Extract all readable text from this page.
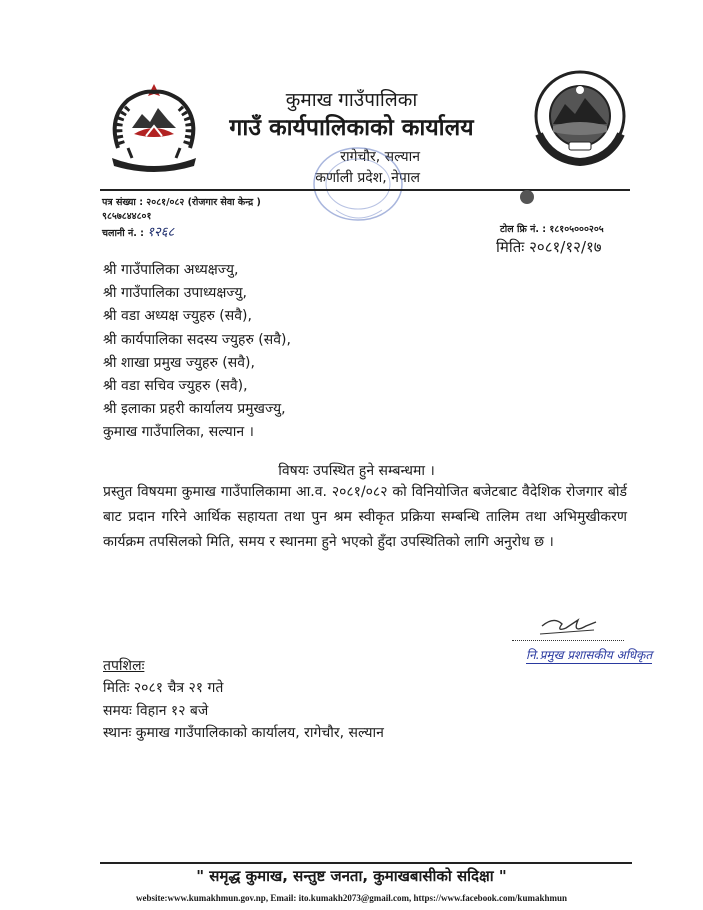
कुमाख गाउँपालिका
गाउँ कार्यपालिकाको कार्यालय
रागेचौर, सल्यान
कर्णाली प्रदेश, नेपाल
पत्र संख्या : २०८१/०८२ (रोजगार सेवा केन्द्र )
९८५७८४४८०१
चलानी नं. : १२६८	टोल फ्रि नं. : १८१०५०००२०५
मितिः २०८१/१२/१७
श्री गाउँपालिका अध्यक्षज्यु,
श्री गाउँपालिका उपाध्यक्षज्यु,
श्री वडा अध्यक्ष ज्युहरु (सवै),
श्री कार्यपालिका सदस्य ज्युहरु (सवै),
श्री शाखा प्रमुख ज्युहरु (सवै),
श्री वडा सचिव ज्युहरु (सवै),
श्री इलाका प्रहरी कार्यालय प्रमुखज्यु,
कुमाख गाउँपालिका, सल्यान ।
विषयः उपस्थित हुने सम्बन्धमा ।
प्रस्तुत विषयमा कुमाख गाउँपालिकामा आ.व. २०८१/०८२ को विनियोजित बजेटबाट वैदेशिक रोजगार बोर्ड बाट प्रदान गरिने आर्थिक सहायता तथा पुन श्रम स्वीकृत प्रक्रिया सम्बन्धि तालिम तथा अभिमुखीकरण कार्यक्रम तपसिलको मिति, समय र स्थानमा हुने भएको हुँदा उपस्थितिको लागि अनुरोध छ ।
नि.प्रमुख प्रशासकीय अधिकृत
तपशिलः
मितिः २०८१ चैत्र २१ गते
समयः विहान १२ बजे
स्थानः कुमाख गाउँपालिकाको कार्यालय, रागेचौर, सल्यान
" समृद्ध कुमाख, सन्तुष्ट जनता, कुमाखबासीको सदिक्षा "
website:www.kumakhmun.gov.np, Email: ito.kumakh2073@gmail.com, https://www.facebook.com/kumakhmun
